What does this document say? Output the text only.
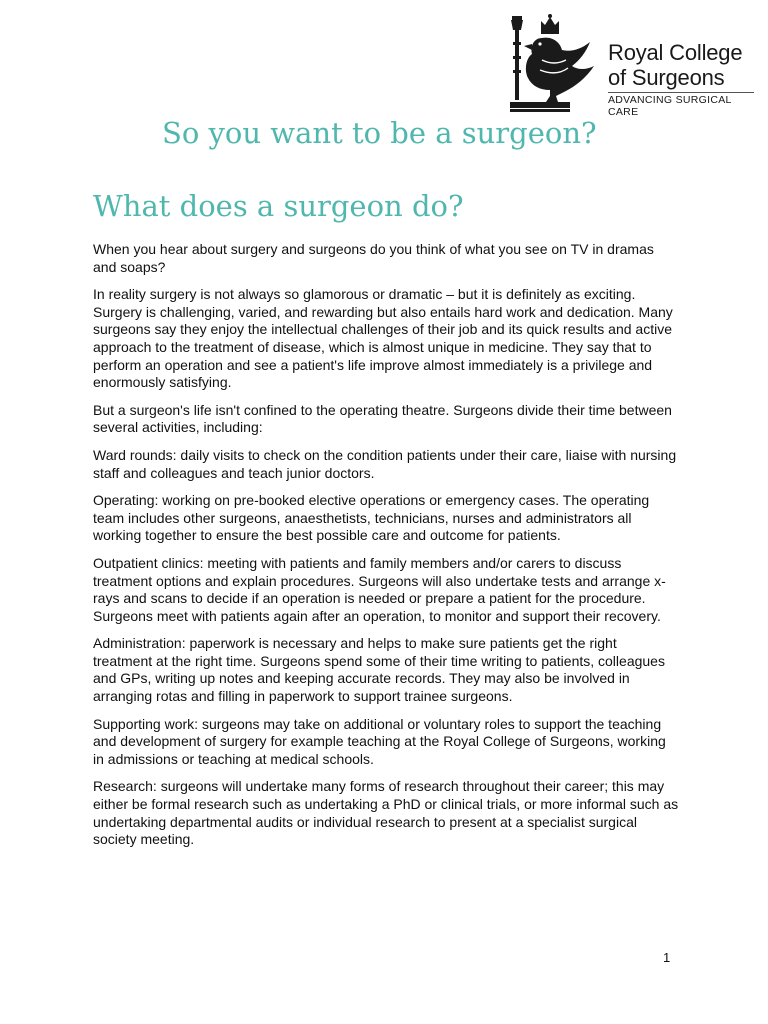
Royal College
of Surgeons
ADVANCING SURGICAL CARE
So you want to be a surgeon?
What does a surgeon do?

When you hear about surgery and surgeons do you think of what you see on TV in dramas and soaps?

In reality surgery is not always so glamorous or dramatic – but it is definitely as exciting. Surgery is challenging, varied, and rewarding but also entails hard work and dedication. Many surgeons say they enjoy the intellectual challenges of their job and its quick results and active approach to the treatment of disease, which is almost unique in medicine. They say that to perform an operation and see a patient's life improve almost immediately is a privilege and enormously satisfying.

But a surgeon's life isn't confined to the operating theatre. Surgeons divide their time between several activities, including:

Ward rounds: daily visits to check on the condition patients under their care, liaise with nursing staff and colleagues and teach junior doctors.

Operating: working on pre-booked elective operations or emergency cases. The operating team includes other surgeons, anaesthetists, technicians, nurses and administrators all working together to ensure the best possible care and outcome for patients.

Outpatient clinics: meeting with patients and family members and/or carers to discuss treatment options and explain procedures. Surgeons will also undertake tests and arrange x-rays and scans to decide if an operation is needed or prepare a patient for the procedure. Surgeons meet with patients again after an operation, to monitor and support their recovery.

Administration: paperwork is necessary and helps to make sure patients get the right treatment at the right time. Surgeons spend some of their time writing to patients, colleagues and GPs, writing up notes and keeping accurate records. They may also be involved in arranging rotas and filling in paperwork to support trainee surgeons.

Supporting work: surgeons may take on additional or voluntary roles to support the teaching and development of surgery for example teaching at the Royal College of Surgeons, working in admissions or teaching at medical schools.

Research: surgeons will undertake many forms of research throughout their career; this may either be formal research such as undertaking a PhD or clinical trials, or more informal such as undertaking departmental audits or individual research to present at a specialist surgical society meeting.

1
